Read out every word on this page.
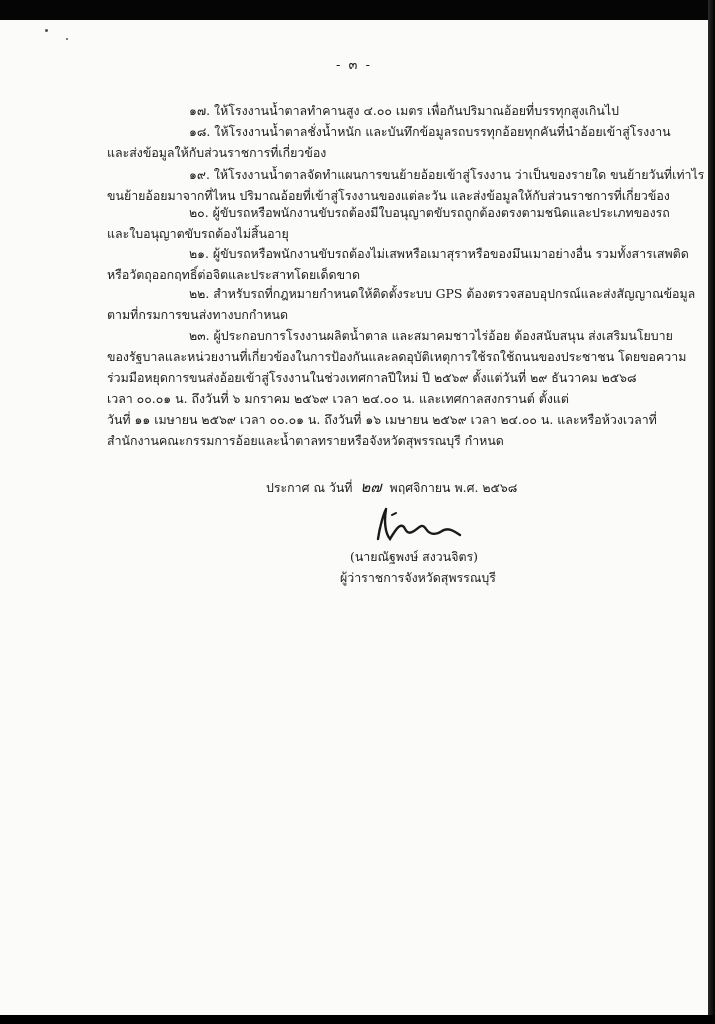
- ๓ -
๑๗. ให้โรงงานน้ำตาลทำคานสูง ๔.๐๐ เมตร เพื่อกันปริมาณอ้อยที่บรรทุกสูงเกินไป
๑๘. ให้โรงงานน้ำตาลชั่งน้ำหนัก และบันทึกข้อมูลรถบรรทุกอ้อยทุกคันที่นำอ้อยเข้าสู่โรงงาน
และส่งข้อมูลให้กับส่วนราชการที่เกี่ยวข้อง
๑๙. ให้โรงงานน้ำตาลจัดทำแผนการขนย้ายอ้อยเข้าสู่โรงงาน ว่าเป็นของรายใด ขนย้ายวันที่เท่าไร
ขนย้ายอ้อยมาจากที่ไหน ปริมาณอ้อยที่เข้าสู่โรงงานของแต่ละวัน และส่งข้อมูลให้กับส่วนราชการที่เกี่ยวข้อง
๒๐. ผู้ขับรถหรือพนักงานขับรถต้องมีใบอนุญาตขับรถถูกต้องตรงตามชนิดและประเภทของรถ
และใบอนุญาตขับรถต้องไม่สิ้นอายุ
๒๑. ผู้ขับรถหรือพนักงานขับรถต้องไม่เสพหรือเมาสุราหรือของมึนเมาอย่างอื่น รวมทั้งสารเสพติด
หรือวัตถุออกฤทธิ์ต่อจิตและประสาทโดยเด็ดขาด
๒๒. สำหรับรถที่กฎหมายกำหนดให้ติดตั้งระบบ GPS ต้องตรวจสอบอุปกรณ์และส่งสัญญาณข้อมูล
ตามที่กรมการขนส่งทางบกกำหนด
๒๓. ผู้ประกอบการโรงงานผลิตน้ำตาล และสมาคมชาวไร่อ้อย ต้องสนับสนุน ส่งเสริมนโยบาย
ของรัฐบาลและหน่วยงานที่เกี่ยวข้องในการป้องกันและลดอุบัติเหตุการใช้รถใช้ถนนของประชาชน โดยขอความ
ร่วมมือหยุดการขนส่งอ้อยเข้าสู่โรงงานในช่วงเทศกาลปีใหม่ ปี ๒๕๖๙ ตั้งแต่วันที่ ๒๙ ธันวาคม ๒๕๖๘
เวลา ๐๐.๐๑ น. ถึงวันที่ ๖ มกราคม ๒๕๖๙ เวลา ๒๔.๐๐ น. และเทศกาลสงกรานต์ ตั้งแต่
วันที่ ๑๑ เมษายน ๒๕๖๙ เวลา ๐๐.๐๑ น. ถึงวันที่ ๑๖ เมษายน ๒๕๖๙ เวลา ๒๔.๐๐ น. และหรือห้วงเวลาที่
สำนักงานคณะกรรมการอ้อยและน้ำตาลทรายหรือจังหวัดสุพรรณบุรี กำหนด
ประกาศ ณ วันที่ ๒๗ พฤศจิกายน พ.ศ. ๒๕๖๘
(นายณัฐพงษ์ สงวนจิตร)
ผู้ว่าราชการจังหวัดสุพรรณบุรี
